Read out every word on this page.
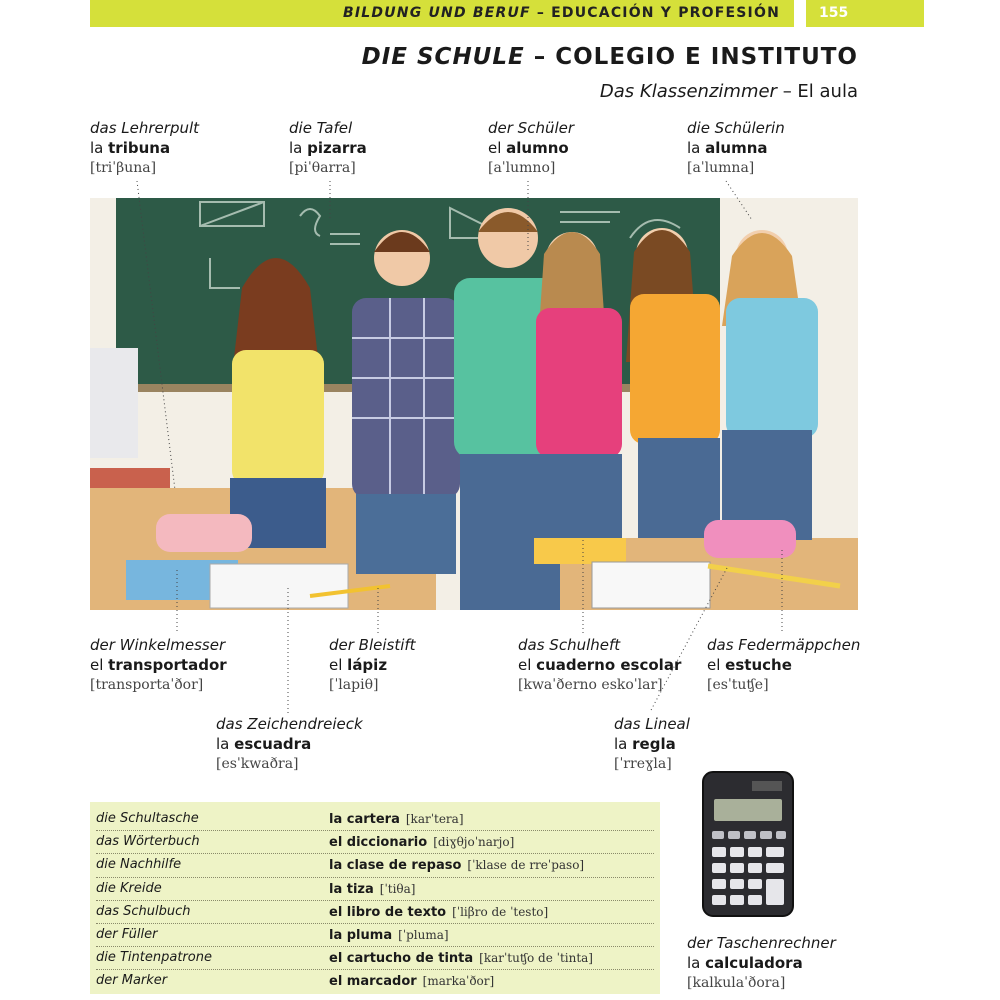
BILDUNG UND BERUF – EDUCACIÓN Y PROFESIÓN	155
DIE SCHULE – COLEGIO E INSTITUTO
Das Klassenzimmer – El aula
das Lehrerpult
la tribuna
[triˈβuna]
die Tafel
la pizarra
[piˈθarra]
der Schüler
el alumno
[aˈlumno]
die Schülerin
la alumna
[aˈlumna]
der Winkelmesser
el transportador
[transportaˈðor]
der Bleistift
el lápiz
[ˈlapiθ]
das Schulheft
el cuaderno escolar
[kwaˈðerno eskoˈlar]
das Federmäppchen
el estuche
[esˈtuʧe]
das Zeichendreieck
la escuadra
[esˈkwaðra]
das Lineal
la regla
[ˈrreɣla]
die Schultasche	la cartera [karˈtera]
das Wörterbuch	el diccionario [diɣθjoˈnarjo]
die Nachhilfe	la clase de repaso [ˈklase de rreˈpaso]
die Kreide	la tiza [ˈtiθa]
das Schulbuch	el libro de texto [ˈliβro de ˈtesto]
der Füller	la pluma [ˈpluma]
die Tintenpatrone	el cartucho de tinta [karˈtuʧo de ˈtinta]
der Marker	el marcador [markaˈðor]
der Taschenrechner
la calculadora
[kalkulaˈðora]
